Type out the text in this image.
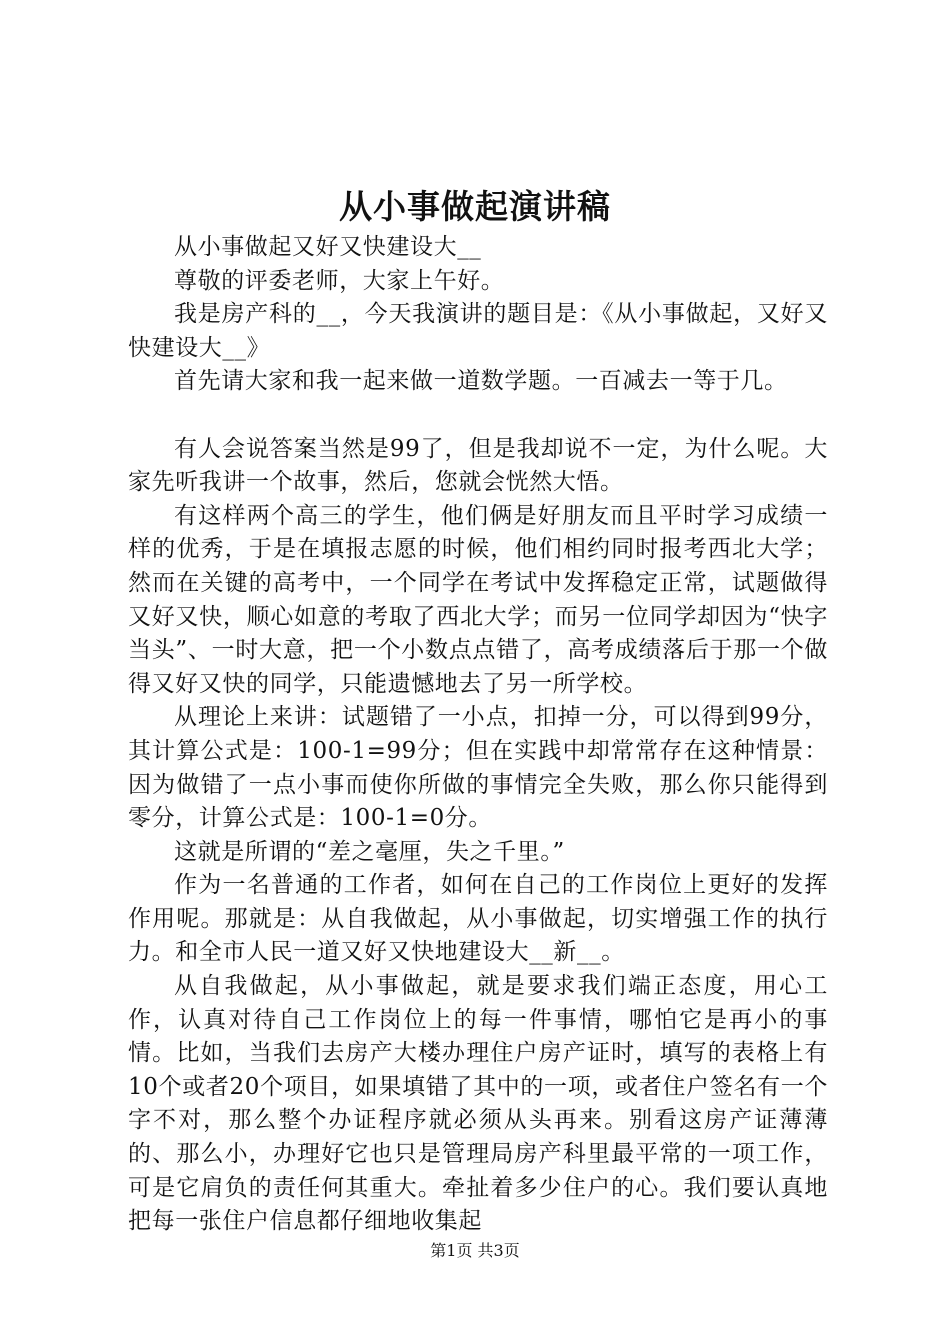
从小事做起演讲稿

从小事做起又好又快建设大__

尊敬的评委老师，大家上午好。

我是房产科的__，今天我演讲的题目是：《从小事做起，又好又快建设大__》

首先请大家和我一起来做一道数学题。一百减去一等于几。

有人会说答案当然是99了，但是我却说不一定，为什么呢。大家先听我讲一个故事，然后，您就会恍然大悟。

有这样两个高三的学生，他们俩是好朋友而且平时学习成绩一样的优秀，于是在填报志愿的时候，他们相约同时报考西北大学；然而在关键的高考中，一个同学在考试中发挥稳定正常，试题做得又好又快，顺心如意的考取了西北大学；而另一位同学却因为“快字当头”、一时大意，把一个小数点点错了，高考成绩落后于那一个做得又好又快的同学，只能遗憾地去了另一所学校。

从理论上来讲：试题错了一小点，扣掉一分，可以得到99分，其计算公式是：100-1=99分；但在实践中却常常存在这种情景：因为做错了一点小事而使你所做的事情完全失败，那么你只能得到零分，计算公式是：100-1=0分。

这就是所谓的“差之毫厘，失之千里。”

作为一名普通的工作者，如何在自己的工作岗位上更好的发挥作用呢。那就是：从自我做起，从小事做起，切实增强工作的执行力。和全市人民一道又好又快地建设大__新__。

从自我做起，从小事做起，就是要求我们端正态度，用心工作，认真对待自己工作岗位上的每一件事情，哪怕它是再小的事情。比如，当我们去房产大楼办理住户房产证时，填写的表格上有10个或者20个项目，如果填错了其中的一项，或者住户签名有一个字不对，那么整个办证程序就必须从头再来。别看这房产证薄薄的、那么小，办理好它也只是管理局房产科里最平常的一项工作，可是它肩负的责任何其重大。牵扯着多少住户的心。我们要认真地把每一张住户信息都仔细地收集起

第1页 共3页
